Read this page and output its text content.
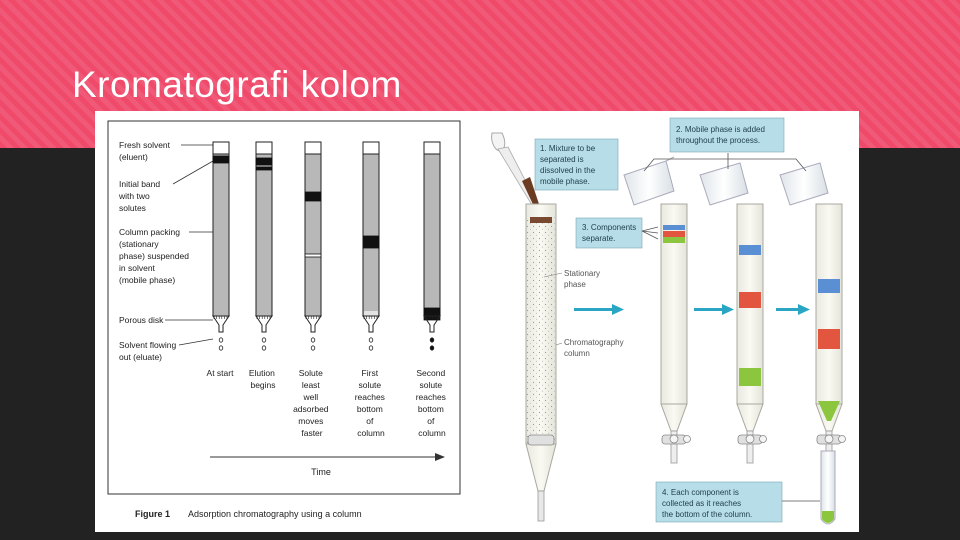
Kromatografi kolom
Fresh solvent (eluent)
Initial band with two solutes
Column packing (stationary phase) suspended in solvent (mobile phase)
Porous disk
Solvent flowing out (eluate)
At start Elution begins
Solute least well adsorbed moves faster
First solute reaches bottom of column
Second solute reaches bottom of column
Time
Figure 1 Adsorption chromatography using a column
1. Mixture to be separated is dissolved in the mobile phase.
2. Mobile phase is added throughout the process.
3. Components separate.
4. Each component is collected as it reaches the bottom of the column.
Stationary phase
Chromatography column
